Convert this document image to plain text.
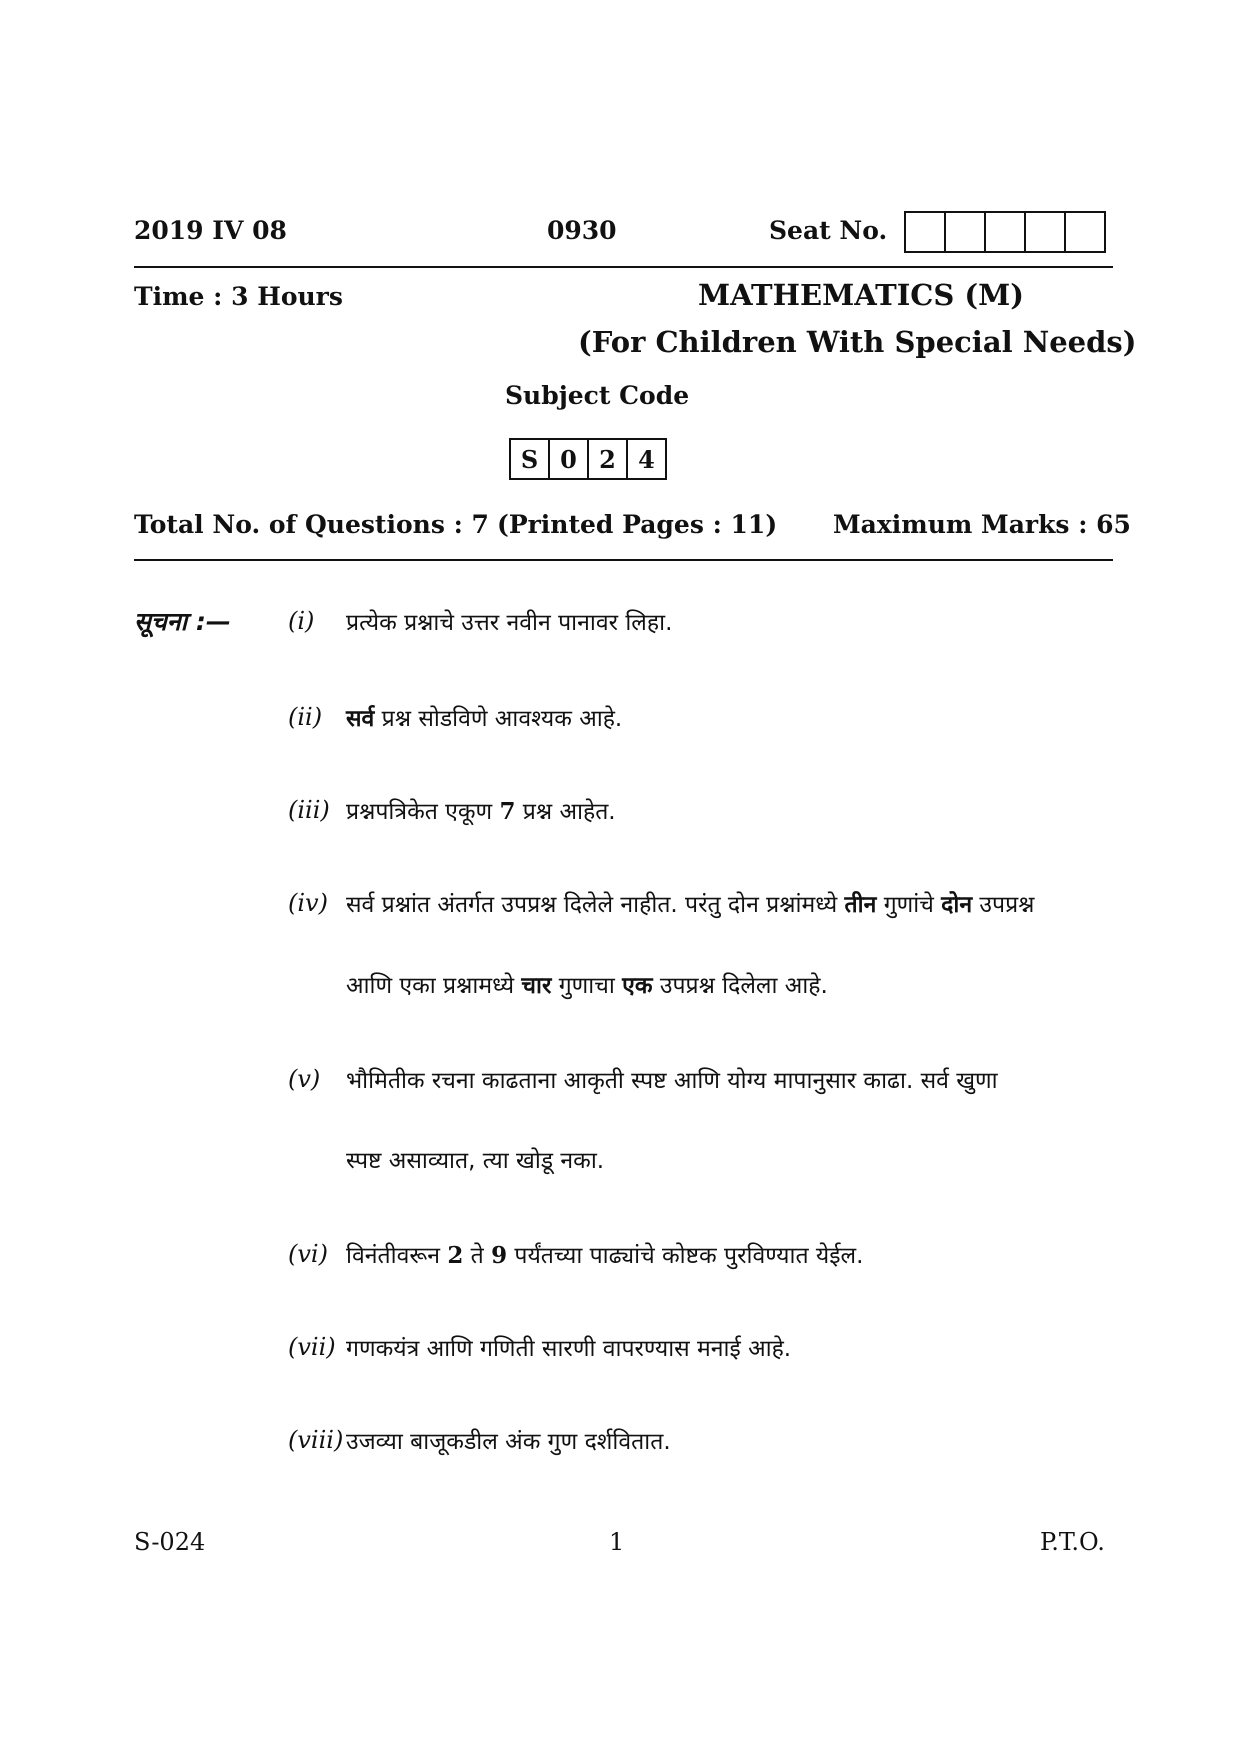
2019 IV 08	0930	Seat No.
Time : 3 Hours	MATHEMATICS (M)
(For Children With Special Needs)
Subject Code
S 0 2 4
Total No. of Questions : 7 (Printed Pages : 11) Maximum Marks : 65
सूचना :— (i) प्रत्येक प्रश्नाचे उत्तर नवीन पानावर लिहा.
(ii) सर्व प्रश्न सोडविणे आवश्यक आहे.
(iii) प्रश्नपत्रिकेत एकूण 7 प्रश्न आहेत.
(iv) सर्व प्रश्नांत अंतर्गत उपप्रश्न दिलेले नाहीत. परंतु दोन प्रश्नांमध्ये तीन गुणांचे दोन उपप्रश्न
आणि एका प्रश्नामध्ये चार गुणाचा एक उपप्रश्न दिलेला आहे.
(v) भौमितीक रचना काढताना आकृती स्पष्ट आणि योग्य मापानुसार काढा. सर्व खुणा
स्पष्ट असाव्यात, त्या खोडू नका.
(vi) विनंतीवरून 2 ते 9 पर्यंतच्या पाढ्यांचे कोष्टक पुरविण्यात येईल.
(vii) गणकयंत्र आणि गणिती सारणी वापरण्यास मनाई आहे.
(viii) उजव्या बाजूकडील अंक गुण दर्शवितात.
S-024	1	P.T.O.
